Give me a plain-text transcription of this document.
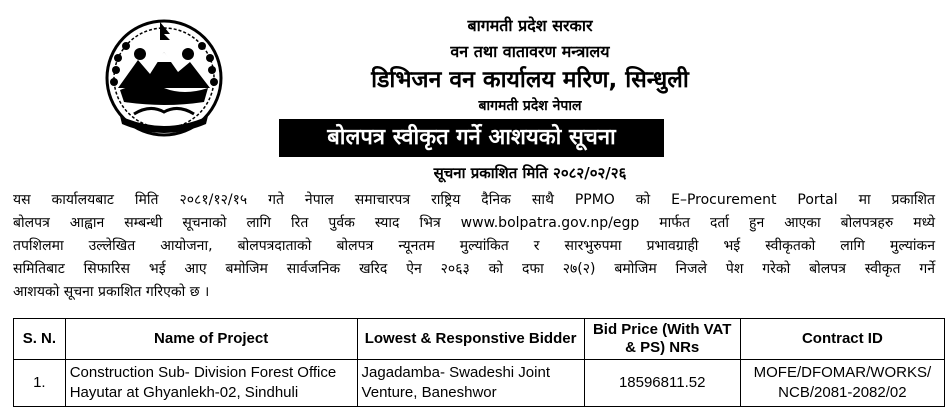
बागमती प्रदेश सरकार
वन तथा वातावरण मन्त्रालय
डिभिजन वन कार्यालय मरिण, सिन्धुली
बागमती प्रदेश नेपाल
बोलपत्र स्वीकृत गर्ने आशयको सूचना
सूचना प्रकाशित मिति २०८२/०२/२६
यस कार्यालयबाट मिति २०८१/१२/१५ गते नेपाल समाचारपत्र राष्ट्रिय दैनिक साथै PPMO को E–Procurement Portal मा प्रकाशित
बोलपत्र आह्वान सम्बन्धी सूचनाको लागि रित पुर्वक स्याद भित्र www.bolpatra.gov.np/egp मार्फत दर्ता हुन आएका बोलपत्रहरु मध्ये
तपशिलमा उल्लेखित आयोजना, बोलपत्रदाताको बोलपत्र न्यूनतम मुल्यांकित र सारभुरुपमा प्रभावग्राही भई स्वीकृतको लागि मुल्यांकन
समितिबाट सिफारिस भई आए बमोजिम सार्वजनिक खरिद ऐन २०६३ को दफा २७(२) बमोजिम निजले पेश गरेको बोलपत्र स्वीकृत गर्ने
आशयको सूचना प्रकाशित गरिएको छ ।
S. N.	Name of Project	Lowest & Responstive Bidder	Bid Price (With VAT & PS) NRs	Contract ID
1.	Construction Sub- Division Forest Office Hayutar at Ghyanlekh-02, Sindhuli	Jagadamba- Swadeshi Joint Venture, Baneshwor	18596811.52	MOFE/DFOMAR/WORKS/ NCB/2081-2082/02
